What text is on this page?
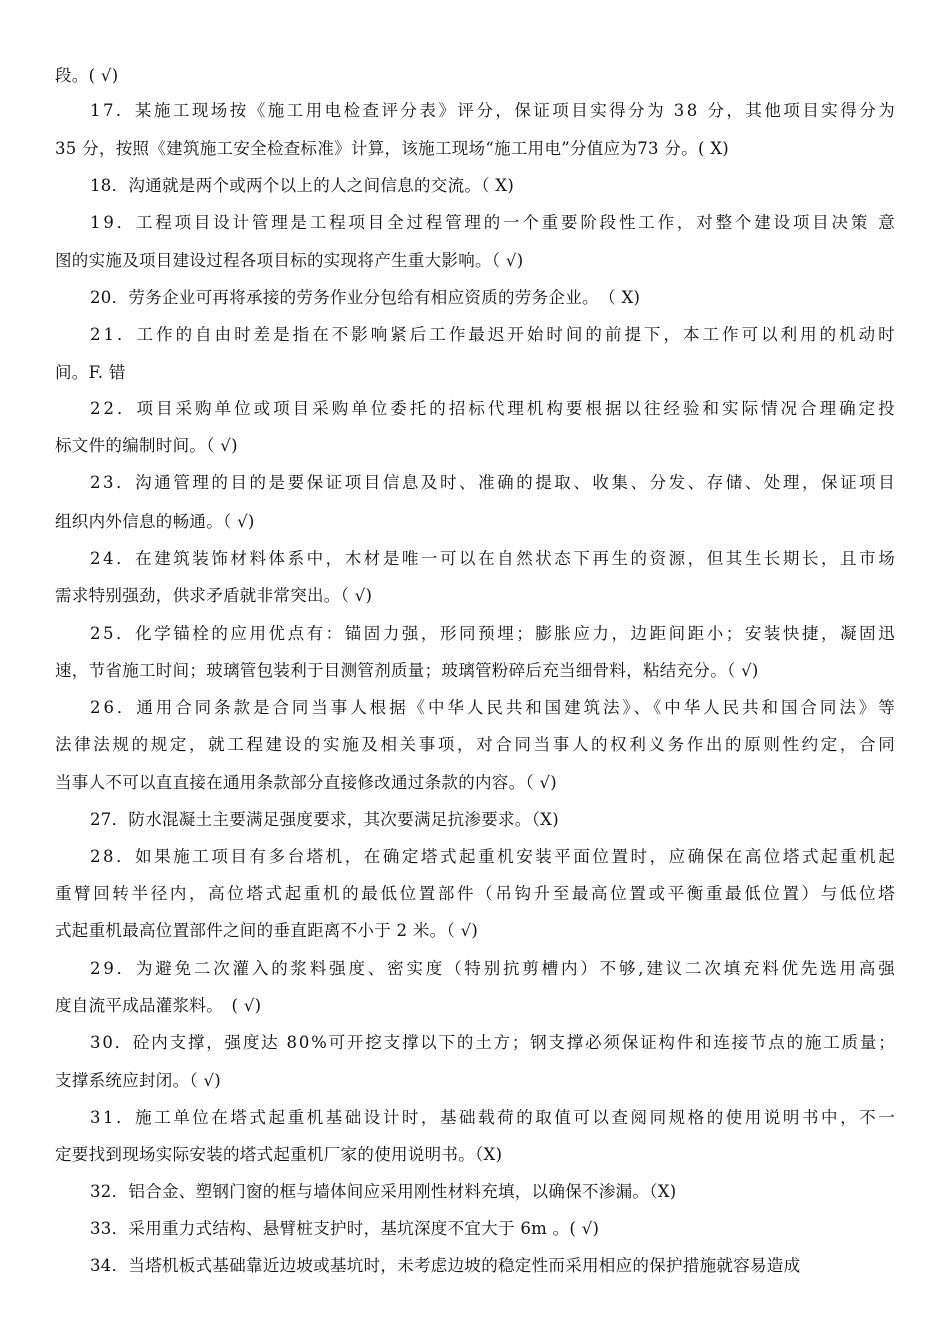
段。( √)
17．某施工现场按《施工用电检查评分表》评分，保证项目实得分为 38 分，其他项目实得分为
35 分，按照《建筑施工安全检查标准》计算，该施工现场“施工用电”分值应为73 分。( X)
18．沟通就是两个或两个以上的人之间信息的交流。（ X)
19．工程项目设计管理是工程项目全过程管理的一个重要阶段性工作，对整个建设项目决策 意
图的实施及项目建设过程各项目标的实现将产生重大影响。（ √)
20．劳务企业可再将承接的劳务作业分包给有相应资质的劳务企业。　（ X)
21．工作的自由时差是指在不影响紧后工作最迟开始时间的前提下，本工作可以利用的机动时
间。F. 错
22．项目采购单位或项目采购单位委托的招标代理机构要根据以往经验和实际情况合理确定投
标文件的编制时间。（ √)
23．沟通管理的目的是要保证项目信息及时、准确的提取、收集、分发、存储、处理，保证项目
组织内外信息的畅通。（ √)
24．在建筑装饰材料体系中，木材是唯一可以在自然状态下再生的资源，但其生长期长，且市场
需求特别强劲，供求矛盾就非常突出。（ √)
25．化学锚栓的应用优点有：锚固力强，形同预埋；膨胀应力，边距间距小；安装快捷，凝固迅
速，节省施工时间；玻璃管包装利于目测管剂质量；玻璃管粉碎后充当细骨料，粘结充分。（ √)
26．通用合同条款是合同当事人根据《中华人民共和国建筑法》、《中华人民共和国合同法》等
法律法规的规定，就工程建设的实施及相关事项，对合同当事人的权利义务作出的原则性约定，合同
当事人不可以直直接在通用条款部分直接修改通过条款的内容。（ √)
27．防水混凝土主要满足强度要求，其次要满足抗渗要求。（X)
28．如果施工项目有多台塔机，在确定塔式起重机安装平面位置时，应确保在高位塔式起重机起
重臂回转半径内，高位塔式起重机的最低位置部件（吊钩升至最高位置或平衡重最低位置）与低位塔
式起重机最高位置部件之间的垂直距离不小于 2 米。（ √)
29．为避免二次灌入的浆料强度、密实度（特别抗剪槽内）不够,建议二次填充料优先选用高强
度自流平成品灌浆料。　( √)
30．砼内支撑，强度达 80%可开挖支撑以下的土方；钢支撑必须保证构件和连接节点的施工质量；
支撑系统应封闭。（ √)
31．施工单位在塔式起重机基础设计时，基础载荷的取值可以查阅同规格的使用说明书中，不一
定要找到现场实际安装的塔式起重机厂家的使用说明书。（X)
32．铝合金、塑钢门窗的框与墙体间应采用刚性材料充填，以确保不渗漏。（X)
33．采用重力式结构、悬臂桩支护时，基坑深度不宜大于 6m 。( √)
34．当塔机板式基础靠近边坡或基坑时，未考虑边坡的稳定性而采用相应的保护措施就容易造成
